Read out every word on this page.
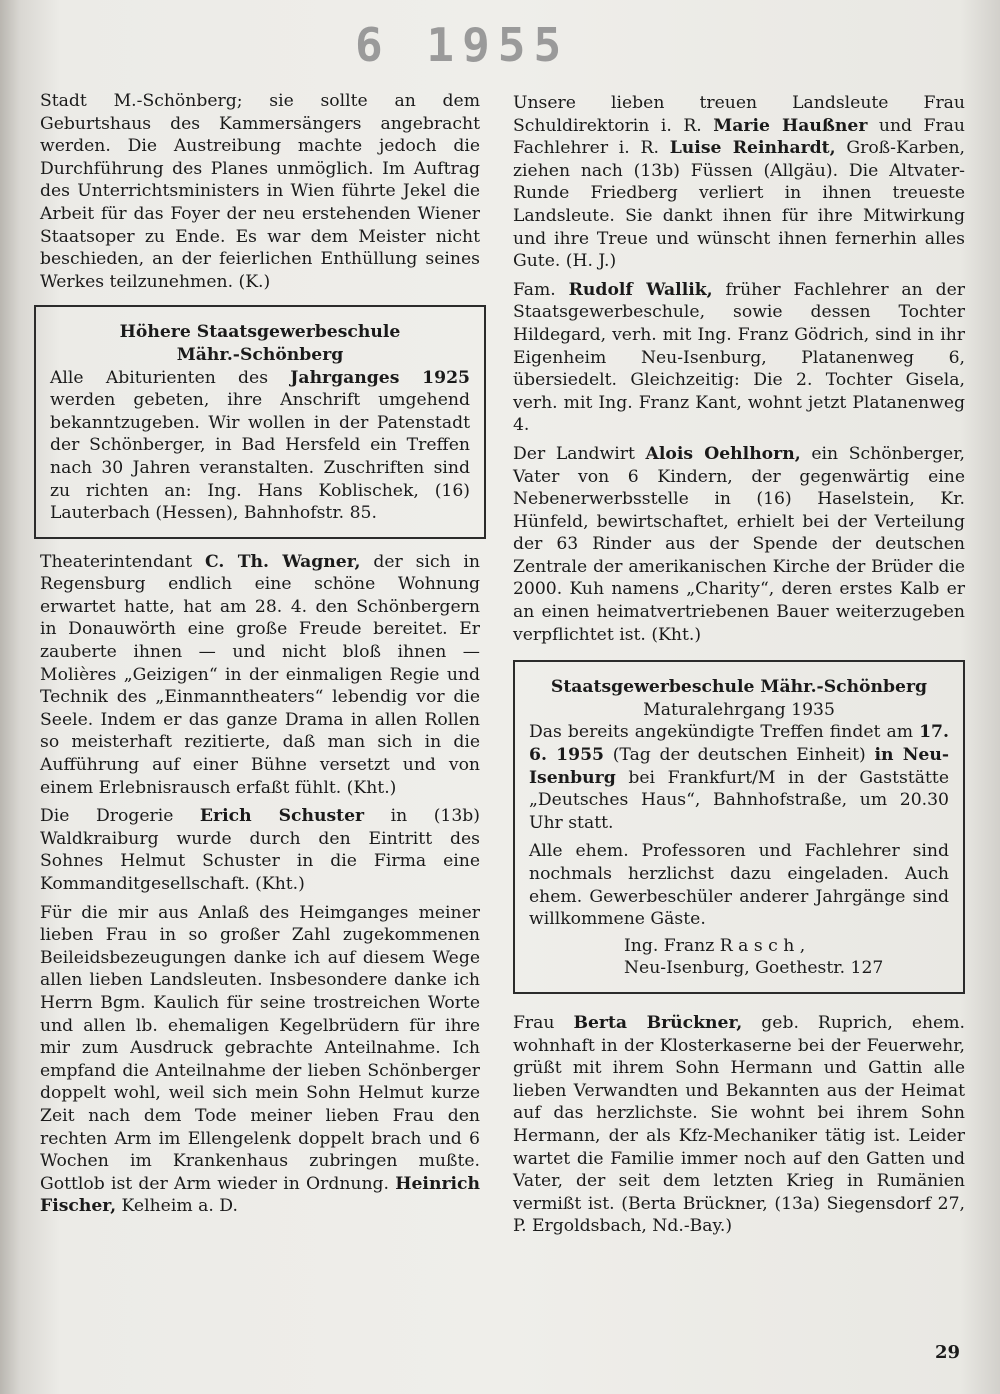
6 1955

Stadt M.-Schönberg; sie sollte an dem Geburtshaus des Kammersängers angebracht werden. Die Austreibung machte jedoch die Durchführung des Planes unmöglich. Im Auftrag des Unterrichtsministers in Wien führte Jekel die Arbeit für das Foyer der neu erstehenden Wiener Staatsoper zu Ende. Es war dem Meister nicht beschieden, an der feierlichen Enthüllung seines Werkes teilzunehmen. (K.)

Höhere Staatsgewerbeschule

Mähr.-Schönberg

Alle Abiturienten des Jahrganges 1925 werden gebeten, ihre Anschrift umgehend bekanntzugeben. Wir wollen in der Patenstadt der Schönberger, in Bad Hersfeld ein Treffen nach 30 Jahren veranstalten. Zuschriften sind zu richten an: Ing. Hans Koblischek, (16) Lauterbach (Hessen), Bahnhofstr. 85.

Theaterintendant C. Th. Wagner, der sich in Regensburg endlich eine schöne Wohnung erwartet hatte, hat am 28. 4. den Schönbergern in Donauwörth eine große Freude bereitet. Er zauberte ihnen — und nicht bloß ihnen — Molières „Geizigen“ in der einmaligen Regie und Technik des „Einmanntheaters“ lebendig vor die Seele. Indem er das ganze Drama in allen Rollen so meisterhaft rezitierte, daß man sich in die Aufführung auf einer Bühne versetzt und von einem Erlebnisrausch erfaßt fühlt. (Kht.)

Die Drogerie Erich Schuster in (13b) Waldkraiburg wurde durch den Eintritt des Sohnes Helmut Schuster in die Firma eine Kommanditgesellschaft. (Kht.)

Für die mir aus Anlaß des Heimganges meiner lieben Frau in so großer Zahl zugekommenen Beileidsbezeugungen danke ich auf diesem Wege allen lieben Landsleuten. Insbesondere danke ich Herrn Bgm. Kaulich für seine trostreichen Worte und allen lb. ehemaligen Kegelbrüdern für ihre mir zum Ausdruck gebrachte Anteilnahme. Ich empfand die Anteilnahme der lieben Schönberger doppelt wohl, weil sich mein Sohn Helmut kurze Zeit nach dem Tode meiner lieben Frau den rechten Arm im Ellengelenk doppelt brach und 6 Wochen im Krankenhaus zubringen mußte. Gottlob ist der Arm wieder in Ordnung. Heinrich Fischer, Kelheim a. D.

Unsere lieben treuen Landsleute Frau Schuldirektorin i. R. Marie Haußner und Frau Fachlehrer i. R. Luise Reinhardt, Groß-Karben, ziehen nach (13b) Füssen (Allgäu). Die Altvater-Runde Friedberg verliert in ihnen treueste Landsleute. Sie dankt ihnen für ihre Mitwirkung und ihre Treue und wünscht ihnen fernerhin alles Gute. (H. J.)

Fam. Rudolf Wallik, früher Fachlehrer an der Staatsgewerbeschule, sowie dessen Tochter Hildegard, verh. mit Ing. Franz Gödrich, sind in ihr Eigenheim Neu-Isenburg, Platanenweg 6, übersiedelt. Gleichzeitig: Die 2. Tochter Gisela, verh. mit Ing. Franz Kant, wohnt jetzt Platanenweg 4.

Der Landwirt Alois Oehlhorn, ein Schönberger, Vater von 6 Kindern, der gegenwärtig eine Nebenerwerbsstelle in (16) Haselstein, Kr. Hünfeld, bewirtschaftet, erhielt bei der Verteilung der 63 Rinder aus der Spende der deutschen Zentrale der amerikanischen Kirche der Brüder die 2000. Kuh namens „Charity“, deren erstes Kalb er an einen heimatvertriebenen Bauer weiterzugeben verpflichtet ist. (Kht.)

Staatsgewerbeschule Mähr.-Schönberg

Maturalehrgang 1935

Das bereits angekündigte Treffen findet am 17. 6. 1955 (Tag der deutschen Einheit) in Neu-Isenburg bei Frankfurt/M in der Gaststätte „Deutsches Haus“, Bahnhofstraße, um 20.30 Uhr statt.

Alle ehem. Professoren und Fachlehrer sind nochmals herzlichst dazu eingeladen. Auch ehem. Gewerbeschüler anderer Jahrgänge sind willkommene Gäste.

Ing. Franz R a s c h ,

Neu-Isenburg, Goethestr. 127

Frau Berta Brückner, geb. Ruprich, ehem. wohnhaft in der Klosterkaserne bei der Feuerwehr, grüßt mit ihrem Sohn Hermann und Gattin alle lieben Verwandten und Bekannten aus der Heimat auf das herzlichste. Sie wohnt bei ihrem Sohn Hermann, der als Kfz-Mechaniker tätig ist. Leider wartet die Familie immer noch auf den Gatten und Vater, der seit dem letzten Krieg in Rumänien vermißt ist. (Berta Brückner, (13a) Siegensdorf 27, P. Ergoldsbach, Nd.-Bay.)

29
